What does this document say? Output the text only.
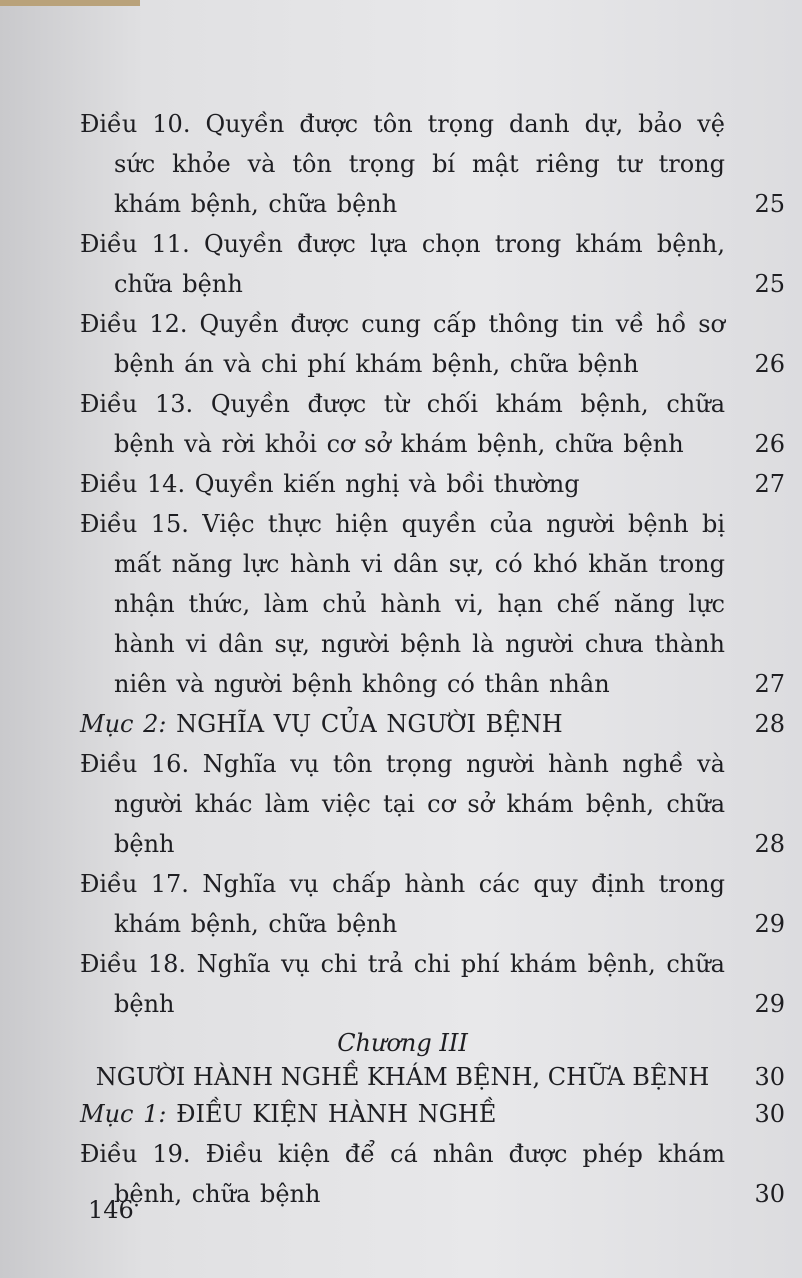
Điều 10. Quyền được tôn trọng danh dự, bảo vệ sức khỏe và tôn trọng bí mật riêng tư trong khám bệnh, chữa bệnh	25
Điều 11. Quyền được lựa chọn trong khám bệnh, chữa bệnh	25
Điều 12. Quyền được cung cấp thông tin về hồ sơ bệnh án và chi phí khám bệnh, chữa bệnh	26
Điều 13. Quyền được từ chối khám bệnh, chữa bệnh và rời khỏi cơ sở khám bệnh, chữa bệnh	26
Điều 14. Quyền kiến nghị và bồi thường	27
Điều 15. Việc thực hiện quyền của người bệnh bị mất năng lực hành vi dân sự, có khó khăn trong nhận thức, làm chủ hành vi, hạn chế năng lực hành vi dân sự, người bệnh là người chưa thành niên và người bệnh không có thân nhân	27
Mục 2: NGHĨA VỤ CỦA NGƯỜI BỆNH	28
Điều 16. Nghĩa vụ tôn trọng người hành nghề và người khác làm việc tại cơ sở khám bệnh, chữa bệnh	28
Điều 17. Nghĩa vụ chấp hành các quy định trong khám bệnh, chữa bệnh	29
Điều 18. Nghĩa vụ chi trả chi phí khám bệnh, chữa bệnh	29
Chương III
NGƯỜI HÀNH NGHỀ KHÁM BỆNH, CHỮA BỆNH	30
Mục 1: ĐIỀU KIỆN HÀNH NGHỀ	30
Điều 19. Điều kiện để cá nhân được phép khám bệnh, chữa bệnh	30
146
